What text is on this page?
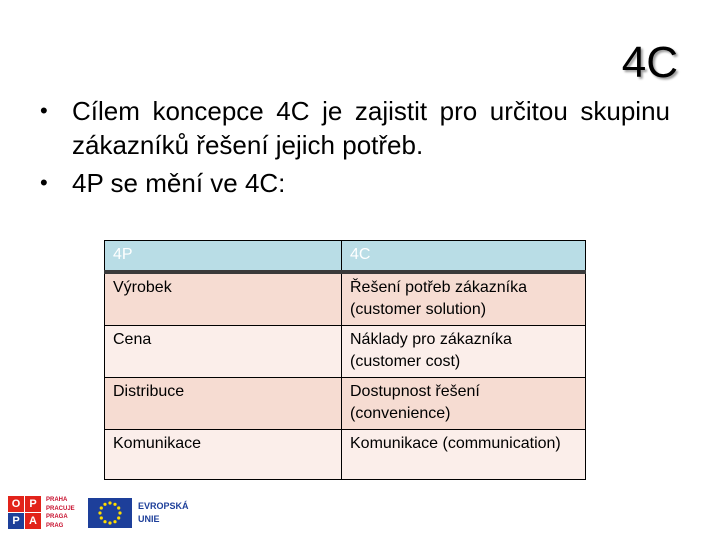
4C
• Cílem koncepce 4C je zajistit pro určitou skupinu zákazníků řešení jejich potřeb.
• 4P se mění ve 4C:
4P	4C
Výrobek	Řešení potřeb zákazníka (customer solution)
Cena	Náklady pro zákazníka (customer cost)
Distribuce	Dostupnost řešení (convenience)
Komunikace	Komunikace (communication)
O P
P A
PRAHA
PRACUJE
PRAGA
PRAG
EVROPSKÁ
UNIE
